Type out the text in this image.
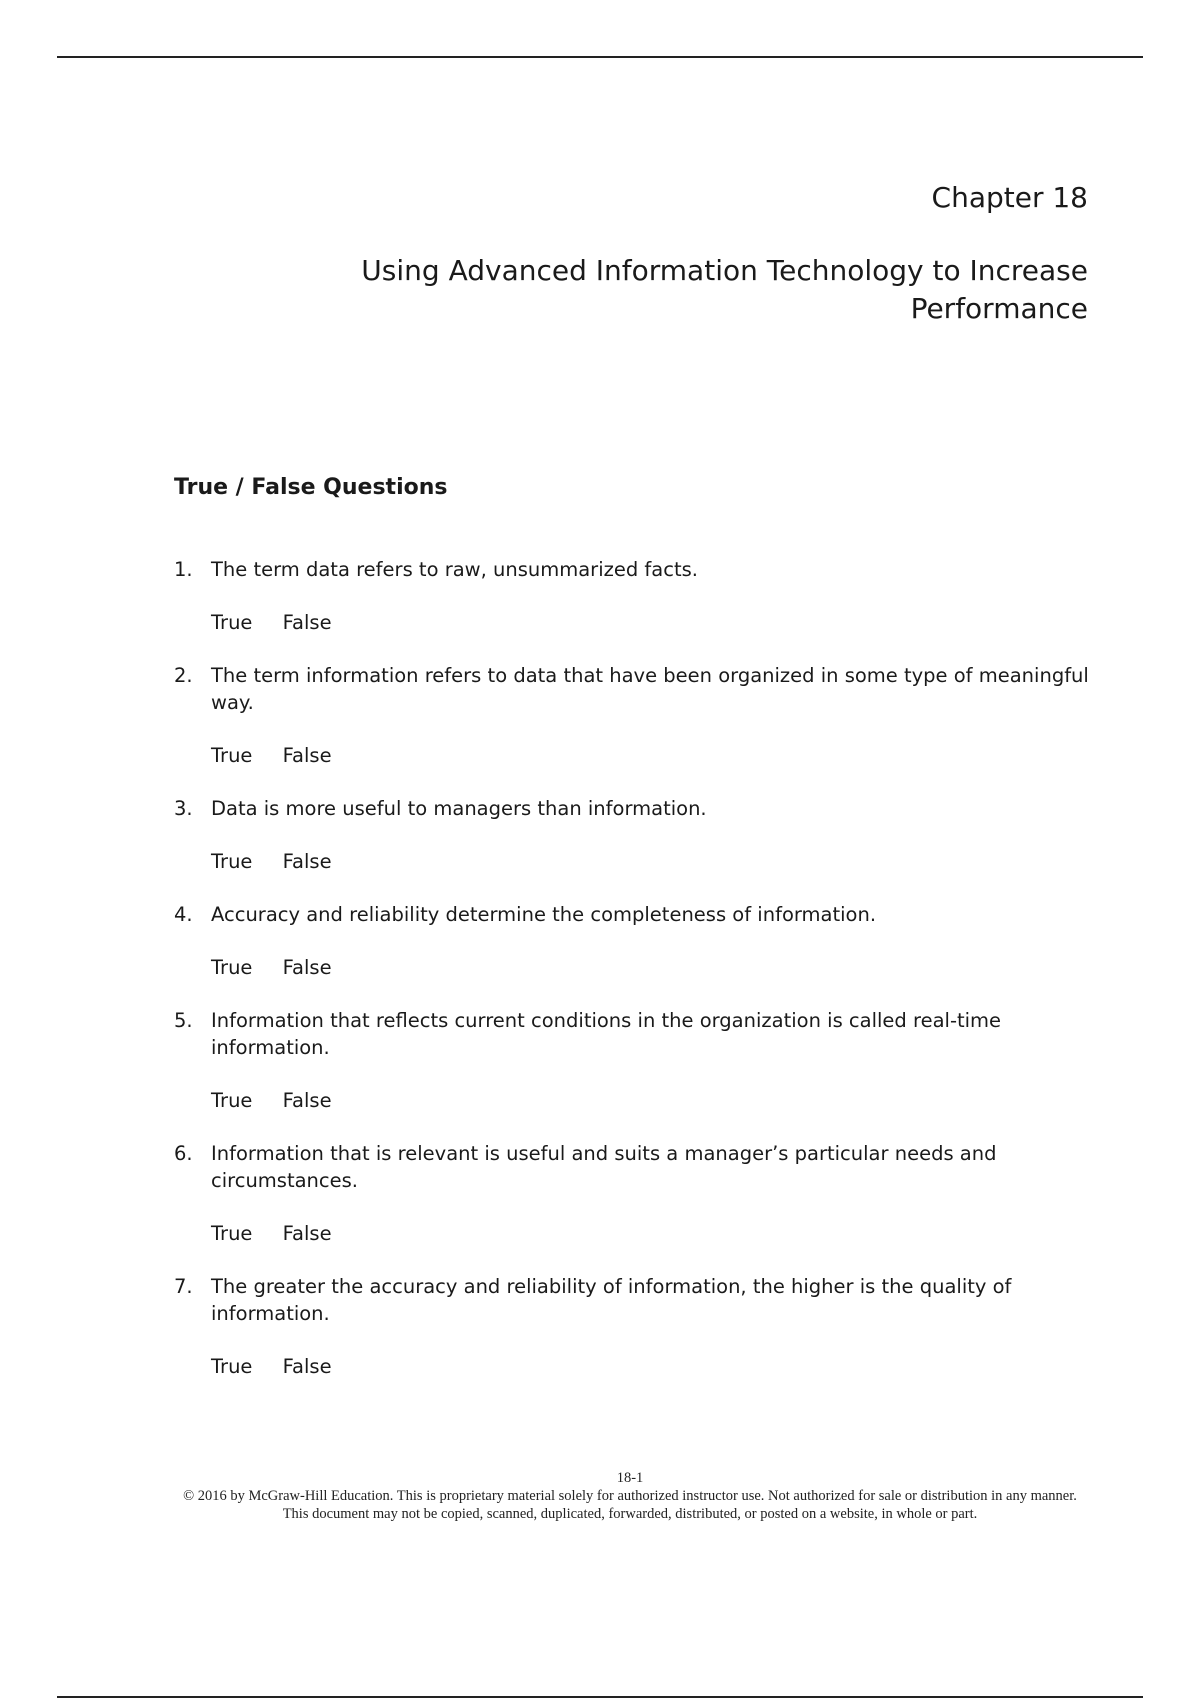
Chapter 18

Using Advanced Information Technology to Increase
Performance

True / False Questions
1. The term data refers to raw, unsummarized facts.

True False
2. The term information refers to data that have been organized in some type of meaningful way.

True False
3. Data is more useful to managers than information.

True False
4. Accuracy and reliability determine the completeness of information.

True False
5. Information that reflects current conditions in the organization is called real-time information.

True False
6. Information that is relevant is useful and suits a manager’s particular needs and circumstances.

True False
7. The greater the accuracy and reliability of information, the higher is the quality of information.

True False

18-1

© 2016 by McGraw-Hill Education. This is proprietary material solely for authorized instructor use. Not authorized for sale or distribution in any manner. This document may not be copied, scanned, duplicated, forwarded, distributed, or posted on a website, in whole or part.
